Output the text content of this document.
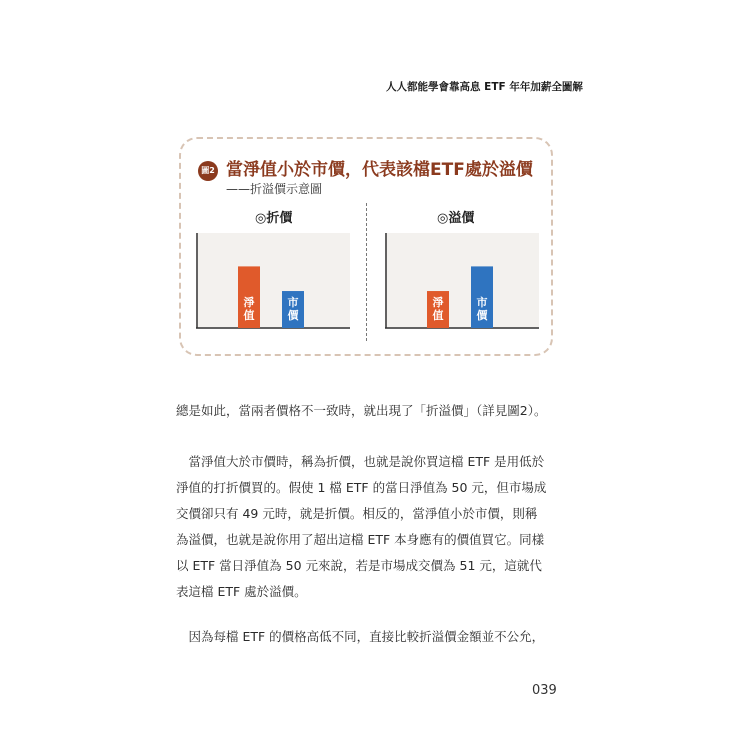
人人都能學會靠高息 ETF 年年加薪全圖解
圖2 當淨值小於市價，代表該檔ETF處於溢價
——折溢價示意圖
◎折價	◎溢價
淨
值
市
價
淨
值
市
價
總是如此，當兩者價格不一致時，就出現了「折溢價」（詳見圖2）。
　當淨值大於市價時，稱為折價，也就是說你買這檔 ETF 是用低於
淨值的打折價買的。假使 1 檔 ETF 的當日淨值為 50 元，但市場成
交價卻只有 49 元時，就是折價。相反的，當淨值小於市價，則稱
為溢價，也就是說你用了超出這檔 ETF 本身應有的價值買它。同樣
以 ETF 當日淨值為 50 元來說，若是市場成交價為 51 元，這就代
表這檔 ETF 處於溢價。
　因為每檔 ETF 的價格高低不同，直接比較折溢價金額並不公允，
039
